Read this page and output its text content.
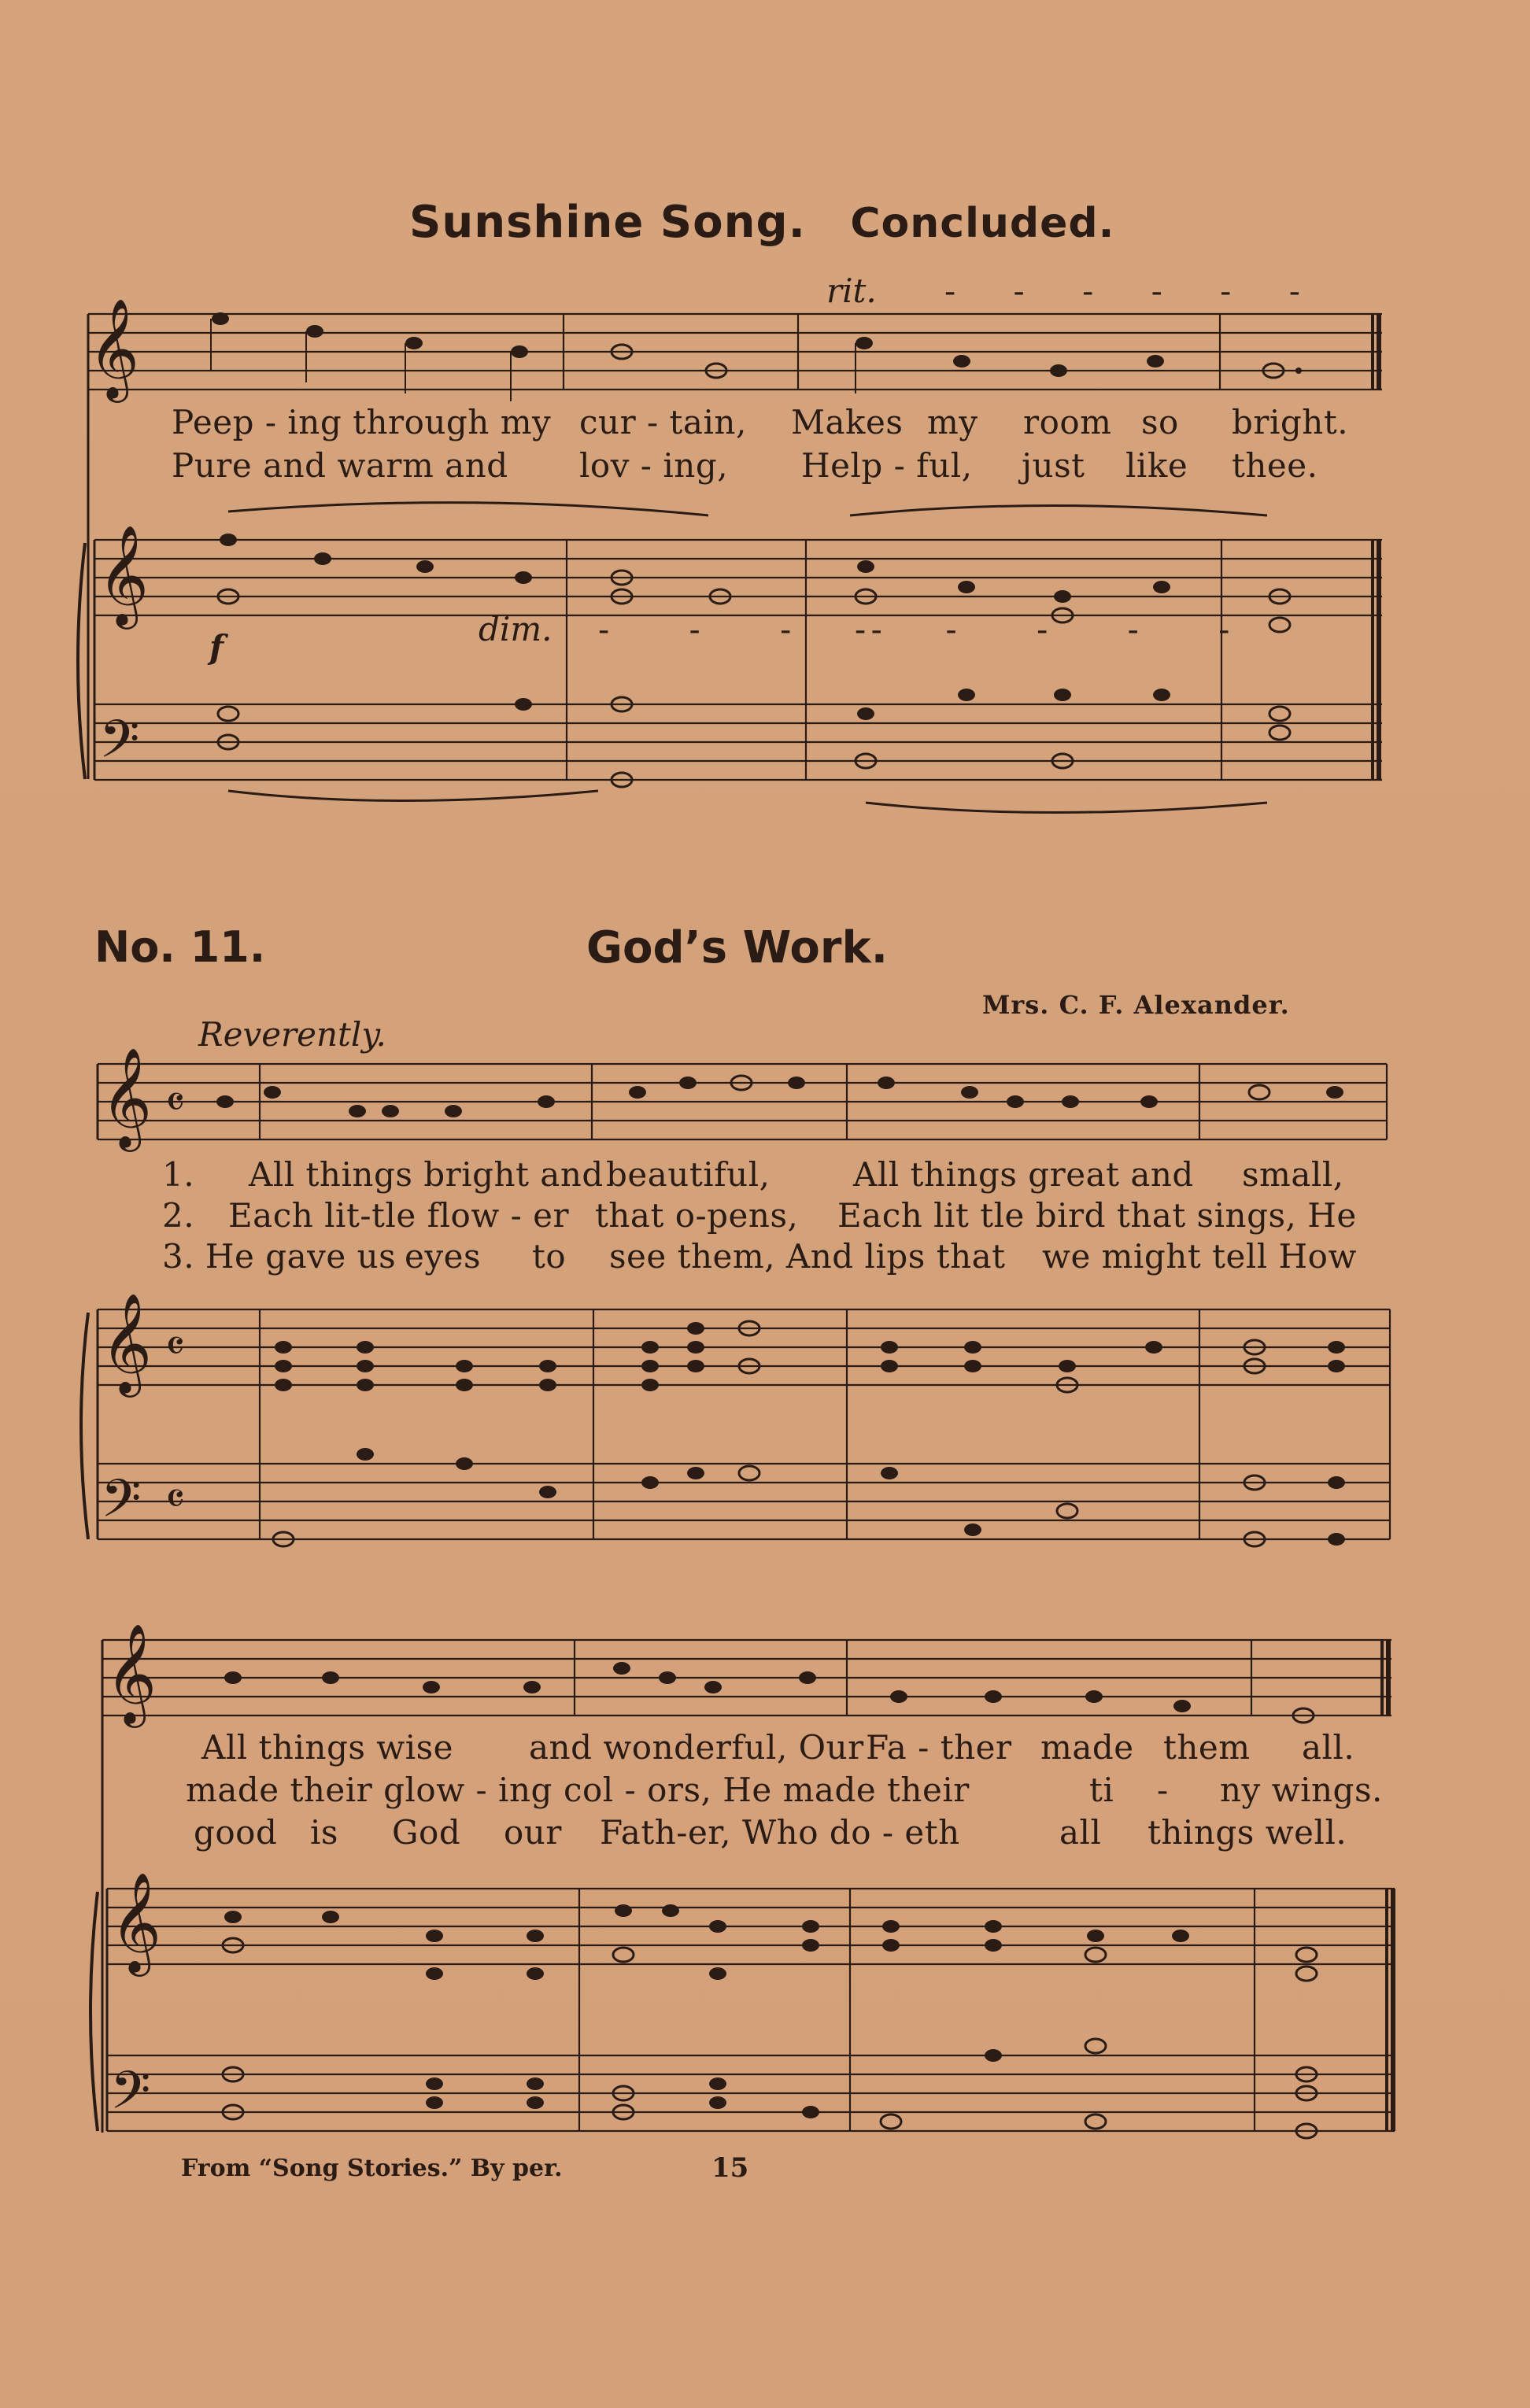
Sunshine Song. Concluded.
𝄞
𝄞
𝄢
𝄞
𝄞
𝄢
𝄞
𝄞
𝄢
𝄴
𝄴
𝄴
rit. - - - - - -
dim. - - - -
- - - - -
f
Peep - ing through my cur - tain, Makes my room so bright.
Pure and warm and lov - ing, Help - ful, just like thee.
No. 11.	God’s Work.
Mrs. C. F. Alexander.
Reverently.
1. All things bright and beautiful,	All things great and small,
2. Each lit-tle flow - er that o-pens, Each lit tle bird that sings, He
3. He gave us eyes to see them, And lips that we might tell How
All things wise and wonderful, Our Fa - ther made them all.
made their glow - ing col - ors, He made their	ti - ny wings.
good is God our Fath-er, Who do - eth	all things well.
From “Song Stories.” By per.	15
